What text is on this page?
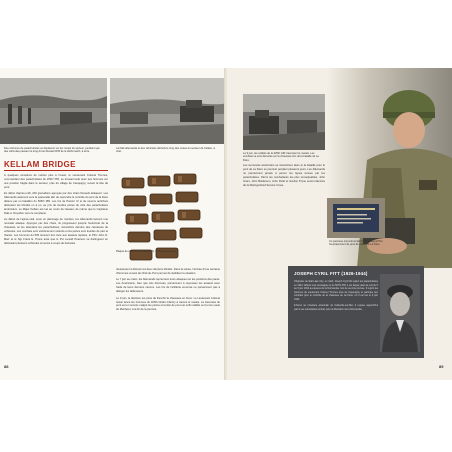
Des colonnes de parachutistes se déplacent sur les routes du secteur, pendant que des véhicules passent le long d'une Renault R35 de la Wehrmacht, à terre.
La Flak allemande et des véhicules détruits le long des routes du secteur de Kellam, à côté.
KELLAM BRIDGE
Plaque de chenilles de Panzer IV, à titre de souvenir.

À quelques centaines de mètres plus à l'ouest, le Lieutenant Colonel Timmes, commandant des parachutistes du 2/507 PIR, se trouvait isolé avec ses hommes sur une position fragile dans le secteur, près du village de Cauquigny, tenant la tête de pont.

En début d'après-midi, 200 grenadiers appuyés par des chars Renault attaquent. Les Allemands avancent vers la passerelle afin de reprendre le contrôle du pont de la Fière détenu par un bataillon du 505th PIR. Les tirs de Panzer IV et de canons antichars détruisent les blindés un à un, au prix de lourdes pertes du côté des parachutistes américains. Le Major Kellam est tué au cours de l'assaut, de même que le Capitaine Dale A. Roysdon venu le remplacer.

Au début de l'après-midi, sous un pilonnage de mortiers, les Allemands lancent une nouvelle attaque. Appuyés par des chars, ils progressent jusqu'à l'extrémité de la chaussée où les attendent les parachutistes, retranchés derrière des carcasses de véhicules. Les combats sont extrêmement violents et les pertes sont lourdes de part et d'autre. Les hommes du 505 tiennent bon face aux assauts répétés, le PFC John D. Marr et le Sgt Frank E. Prone ainsi que le Pvt Lenold Peterson se distinguent en détruisant plusieurs véhicules ennemis à coups de bazooka.

réussissent à détruire les deux derniers blindés. Dans la soirée, l'arrivée d'une centaine d'hommes venant de Chef-du-Pont permet de stabiliser la situation.

Le 7 juin au matin, les Allemands reprennent leurs attaques sur les positions des paras. Les Américains, bien que très diminués, parviennent à repousser les assauts avec l'aide de leurs derniers canons. Les tirs de l'artillerie ennemie ne parviennent pas à déloger les défenseurs.

Le 9 juin, la décision est prise de franchir la chaussée en force. Le Lieutenant Colonel Gavin lance les hommes du 325th Glider Infantry à travers le marais. La traversée du pont est un succès malgré les pertes et la tête de pont est enfin établie sur la rive ouest du Merderet, à la fin de la journée.

88
Le 9 juin, les soldats de la 325th GIR traversent le marais. Les combats se sont déroulés sur la chaussée lors de la bataille de La Fière.

Les survivants américains se retranchent alors et la bataille pour le pont de La Fière se poursuit pendant plusieurs jours. Les Allemands ne parviennent jamais à percer les lignes tenues par les parachutistes. Parmi les combattants les plus remarquables, John Grant, John Bolderson, John Pettit et Gordon Pryne seront décorés de la Distinguished Service Cross.

Un panneau commémoratif indique aujourd'hui l'emplacement du pont de Kellam à La Fière.
89
JOSEPH CYRIL FITT (1926-1944)

Originaire de Salt Lake City, en Utah, Joseph Cyril Fitt rejoint les parachutistes en 1943. Affecté à la compagnie G du 507th PIR, il est largué dans la nuit du 5 au 6 juin 1944 au-dessus de la Normandie, loin de sa zone prévue. Il rejoint les hommes du Lieutenant Colonel Timmes près de Cauquigny et participe aux combats pour le contrôle de la chaussée de La Fière, où il est tué le 9 juin 1944.

Inhumé au cimetière américain de Colleville-sur-Mer, il repose aujourd'hui parmi ses camarades tombés pour la libération de la Normandie.
